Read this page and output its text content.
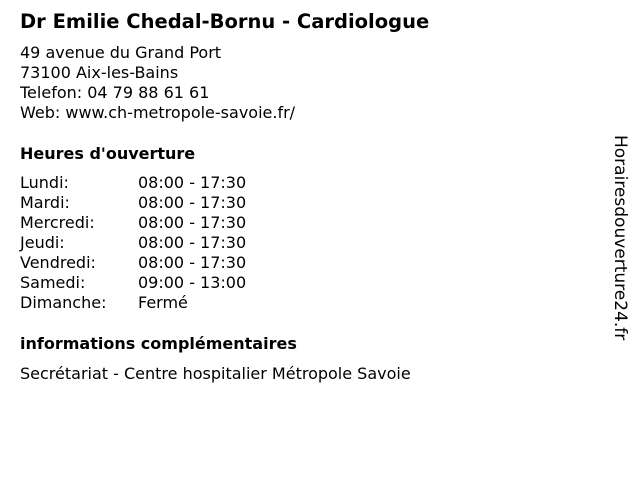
Dr Emilie Chedal-Bornu - Cardiologue
49 avenue du Grand Port
73100 Aix-les-Bains
Telefon: 04 79 88 61 61
Web: www.ch-metropole-savoie.fr/
Heures d'ouverture
Lundi:	08:00 - 17:30
Mardi:	08:00 - 17:30
Mercredi:	08:00 - 17:30
Jeudi:	08:00 - 17:30
Vendredi:	08:00 - 17:30
Samedi:	09:00 - 13:00
Dimanche:	Fermé
informations complémentaires
Secrétariat - Centre hospitalier Métropole Savoie
Horairesdouverture24.fr
